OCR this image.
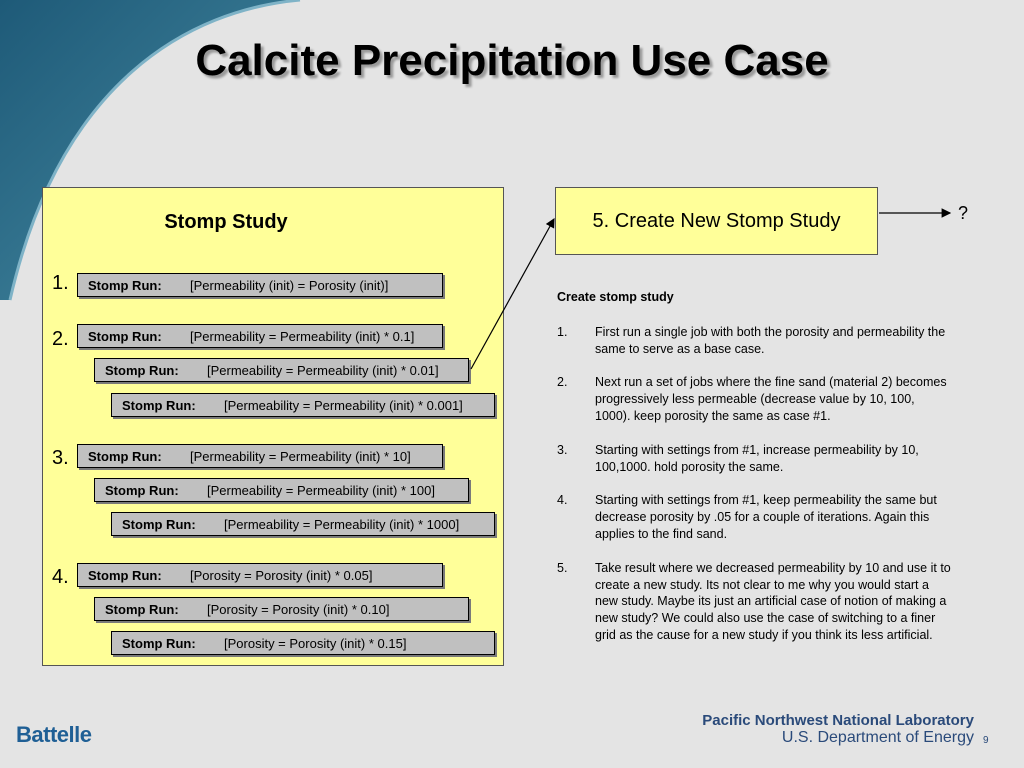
Calcite Precipitation Use Case
Stomp Study
1.
2.
3.
4.
Stomp Run: [Permeability (init) = Porosity (init)]
Stomp Run: [Permeability = Permeability (init) * 0.1]
Stomp Run: [Permeability = Permeability (init) * 0.01]
Stomp Run: [Permeability = Permeability (init) * 0.001]
Stomp Run: [Permeability = Permeability (init) * 10]
Stomp Run: [Permeability = Permeability (init) * 100]
Stomp Run: [Permeability = Permeability (init) * 1000]
Stomp Run: [Porosity = Porosity (init) * 0.05]
Stomp Run: [Porosity = Porosity (init) * 0.10]
Stomp Run: [Porosity = Porosity (init) * 0.15]
5. Create New Stomp Study	?
Create stomp study
1. First run a single job with both the porosity and permeability the same to serve as a base case.
2. Next run a set of jobs where the fine sand (material 2) becomes progressively less permeable (decrease value by 10, 100, 1000). keep porosity the same as case #1.
3. Starting with settings from #1, increase permeability by 10, 100,1000. hold porosity the same.
4. Starting with settings from #1, keep permeability the same but decrease porosity by .05 for a couple of iterations. Again this applies to the find sand.
5. Take result where we decreased permeability by 10 and use it to create a new study. Its not clear to me why you would start a new study. Maybe its just an artificial case of notion of making a new study? We could also use the case of switching to a finer grid as the cause for a new study if you think its less artificial.
Battelle
Pacific Northwest National Laboratory
U.S. Department of Energy 9
